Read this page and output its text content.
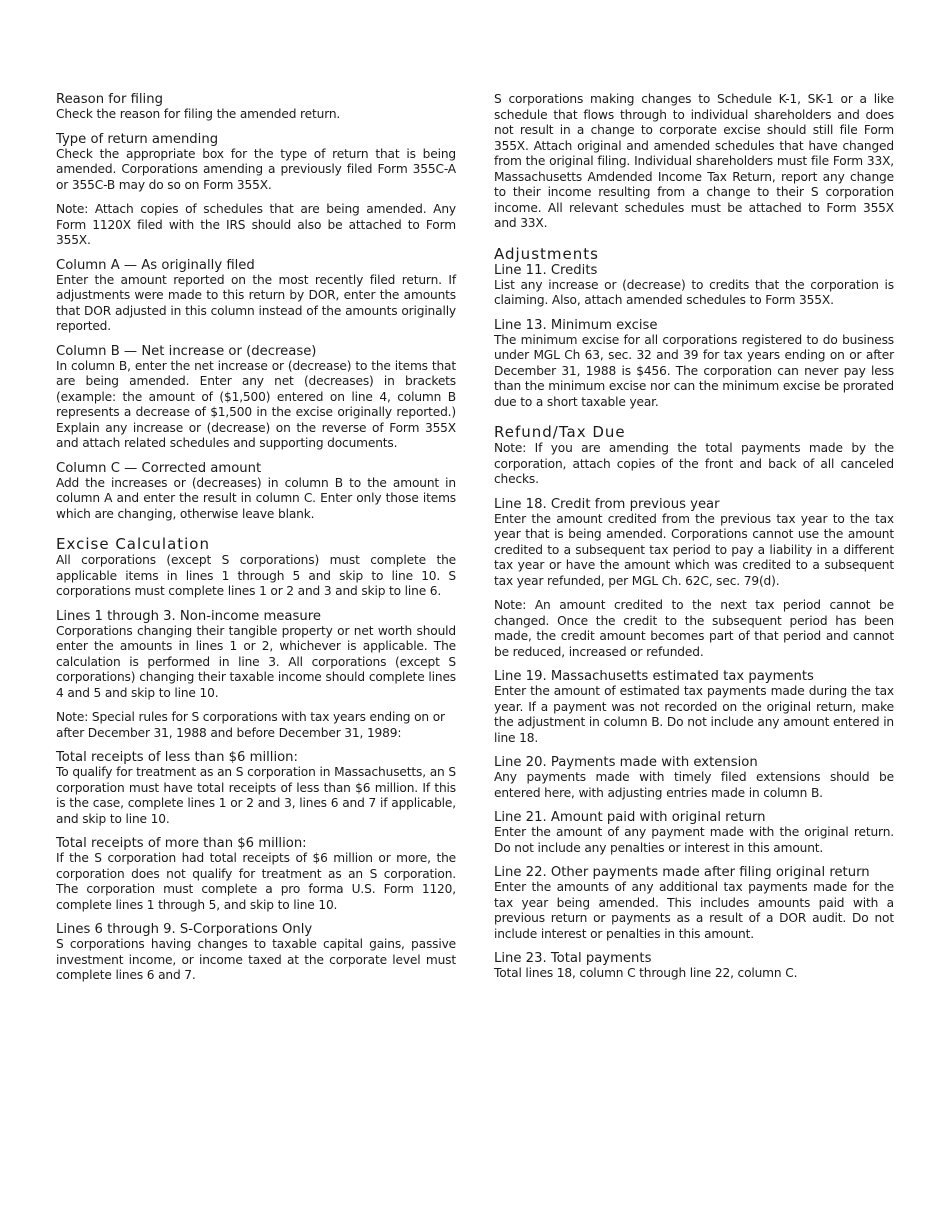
Reason for filing

Check the reason for filing the amended return.

Type of return amending

Check the appropriate box for the type of return that is being amended. Corporations amending a previously filed Form 355C-A or 355C-B may do so on Form 355X.

Note: Attach copies of schedules that are being amended. Any Form 1120X filed with the IRS should also be attached to Form 355X.

Column A — As originally filed

Enter the amount reported on the most recently filed return. If adjustments were made to this return by DOR, enter the amounts that DOR adjusted in this column instead of the amounts originally reported.

Column B — Net increase or (decrease)

In column B, enter the net increase or (decrease) to the items that are being amended. Enter any net (decreases) in brackets (example: the amount of ($1,500) entered on line 4, column B represents a decrease of $1,500 in the excise originally reported.) Explain any increase or (decrease) on the reverse of Form 355X and attach related schedules and supporting documents.

Column C — Corrected amount

Add the increases or (decreases) in column B to the amount in column A and enter the result in column C. Enter only those items which are changing, otherwise leave blank.

Excise Calculation

All corporations (except S corporations) must complete the applicable items in lines 1 through 5 and skip to line 10. S corporations must complete lines 1 or 2 and 3 and skip to line 6.

Lines 1 through 3. Non-income measure

Corporations changing their tangible property or net worth should enter the amounts in lines 1 or 2, whichever is applicable. The calculation is performed in line 3. All corporations (except S corporations) changing their taxable income should complete lines 4 and 5 and skip to line 10.

Note: Special rules for S corporations with tax years ending on or after December 31, 1988 and before December 31, 1989:

Total receipts of less than $6 million:

To qualify for treatment as an S corporation in Massachusetts, an S corporation must have total receipts of less than $6 million. If this is the case, complete lines 1 or 2 and 3, lines 6 and 7 if applicable, and skip to line 10.

Total receipts of more than $6 million:

If the S corporation had total receipts of $6 million or more, the corporation does not qualify for treatment as an S corporation. The corporation must complete a pro forma U.S. Form 1120, complete lines 1 through 5, and skip to line 10.

Lines 6 through 9. S-Corporations Only

S corporations having changes to taxable capital gains, passive investment income, or income taxed at the corporate level must complete lines 6 and 7.

S corporations making changes to Schedule K-1, SK-1 or a like schedule that flows through to individual shareholders and does not result in a change to corporate excise should still file Form 355X. Attach original and amended schedules that have changed from the original filing. Individual shareholders must file Form 33X, Massachusetts Amdended Income Tax Return, report any change to their income resulting from a change to their S corporation income. All relevant schedules must be attached to Form 355X and 33X.

Adjustments

Line 11. Credits

List any increase or (decrease) to credits that the corporation is claiming. Also, attach amended schedules to Form 355X.

Line 13. Minimum excise

The minimum excise for all corporations registered to do business under MGL Ch 63, sec. 32 and 39 for tax years ending on or after December 31, 1988 is $456. The corporation can never pay less than the minimum excise nor can the minimum excise be prorated due to a short taxable year.

Refund/Tax Due

Note: If you are amending the total payments made by the corporation, attach copies of the front and back of all canceled checks.

Line 18. Credit from previous year

Enter the amount credited from the previous tax year to the tax year that is being amended. Corporations cannot use the amount credited to a subsequent tax period to pay a liability in a different tax year or have the amount which was credited to a subsequent tax year refunded, per MGL Ch. 62C, sec. 79(d).

Note: An amount credited to the next tax period cannot be changed. Once the credit to the subsequent period has been made, the credit amount becomes part of that period and cannot be reduced, increased or refunded.

Line 19. Massachusetts estimated tax payments

Enter the amount of estimated tax payments made during the tax year. If a payment was not recorded on the original return, make the adjustment in column B. Do not include any amount entered in line 18.

Line 20. Payments made with extension

Any payments made with timely filed extensions should be entered here, with adjusting entries made in column B.

Line 21. Amount paid with original return

Enter the amount of any payment made with the original return. Do not include any penalties or interest in this amount.

Line 22. Other payments made after filing original return

Enter the amounts of any additional tax payments made for the tax year being amended. This includes amounts paid with a previous return or payments as a result of a DOR audit. Do not include interest or penalties in this amount.

Line 23. Total payments

Total lines 18, column C through line 22, column C.
